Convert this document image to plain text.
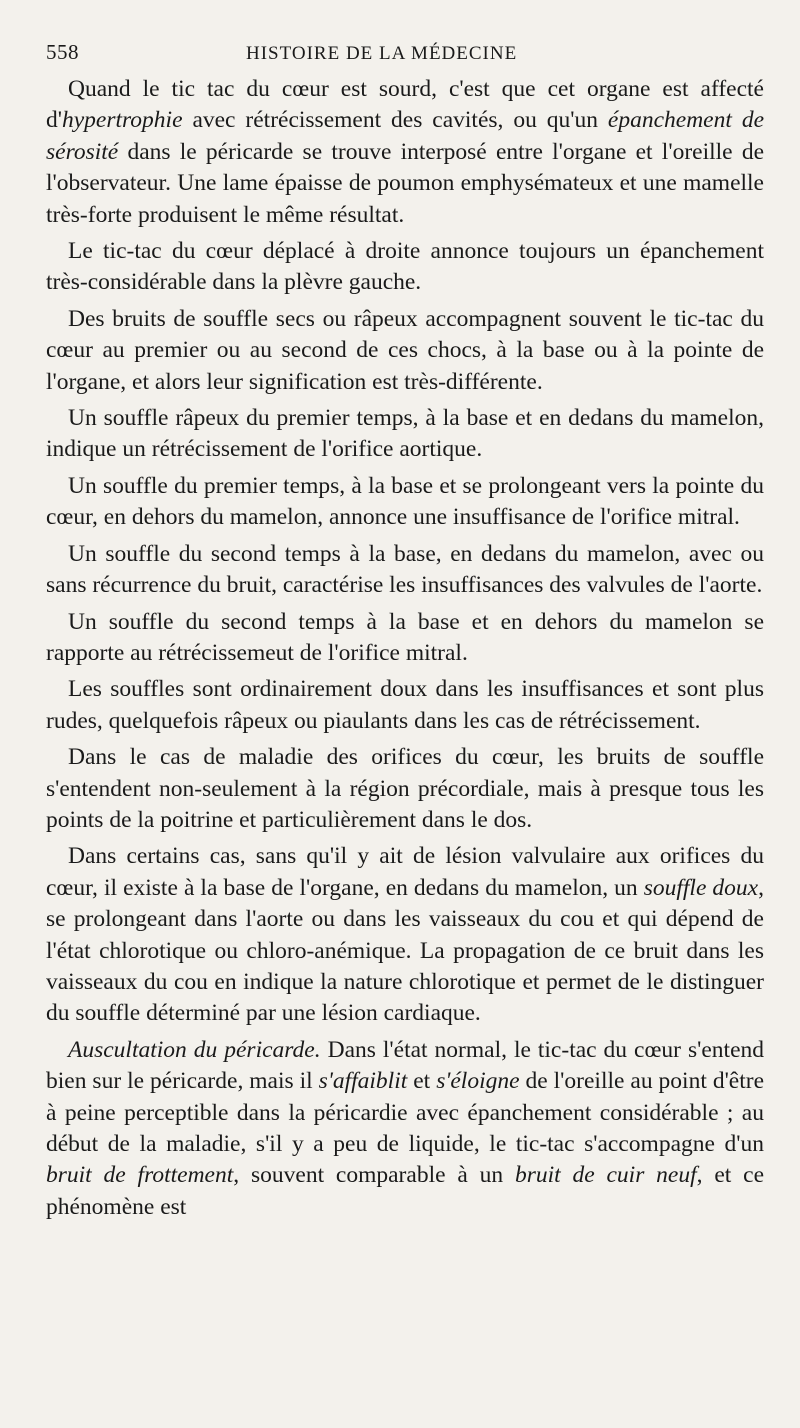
558	HISTOIRE DE LA MÉDECINE

Quand le tic tac du cœur est sourd, c'est que cet organe est affecté d'hypertrophie avec rétrécissement des cavités, ou qu'un épanchement de sérosité dans le péricarde se trouve interposé entre l'organe et l'oreille de l'observateur. Une lame épaisse de poumon emphysémateux et une mamelle très-forte produisent le même résultat.

Le tic-tac du cœur déplacé à droite annonce toujours un épanchement très-considérable dans la plèvre gauche.

Des bruits de souffle secs ou râpeux accompagnent souvent le tic-tac du cœur au premier ou au second de ces chocs, à la base ou à la pointe de l'organe, et alors leur signification est très-différente.

Un souffle râpeux du premier temps, à la base et en dedans du mamelon, indique un rétrécissement de l'orifice aortique.

Un souffle du premier temps, à la base et se prolongeant vers la pointe du cœur, en dehors du mamelon, annonce une insuffisance de l'orifice mitral.

Un souffle du second temps à la base, en dedans du mamelon, avec ou sans récurrence du bruit, caractérise les insuffisances des valvules de l'aorte.

Un souffle du second temps à la base et en dehors du mamelon se rapporte au rétrécissemeut de l'orifice mitral.

Les souffles sont ordinairement doux dans les insuffisances et sont plus rudes, quelquefois râpeux ou piaulants dans les cas de rétrécissement.

Dans le cas de maladie des orifices du cœur, les bruits de souffle s'entendent non-seulement à la région précordiale, mais à presque tous les points de la poitrine et particulièrement dans le dos.

Dans certains cas, sans qu'il y ait de lésion valvulaire aux orifices du cœur, il existe à la base de l'organe, en dedans du mamelon, un souffle doux, se prolongeant dans l'aorte ou dans les vaisseaux du cou et qui dépend de l'état chlorotique ou chloro-anémique. La propagation de ce bruit dans les vaisseaux du cou en indique la nature chlorotique et permet de le distinguer du souffle déterminé par une lésion cardiaque.

Auscultation du péricarde. Dans l'état normal, le tic-tac du cœur s'entend bien sur le péricarde, mais il s'affaiblit et s'éloigne de l'oreille au point d'être à peine perceptible dans la péricardie avec épanchement considérable ; au début de la maladie, s'il y a peu de liquide, le tic-tac s'accompagne d'un bruit de frottement, souvent comparable à un bruit de cuir neuf, et ce phénomène est
